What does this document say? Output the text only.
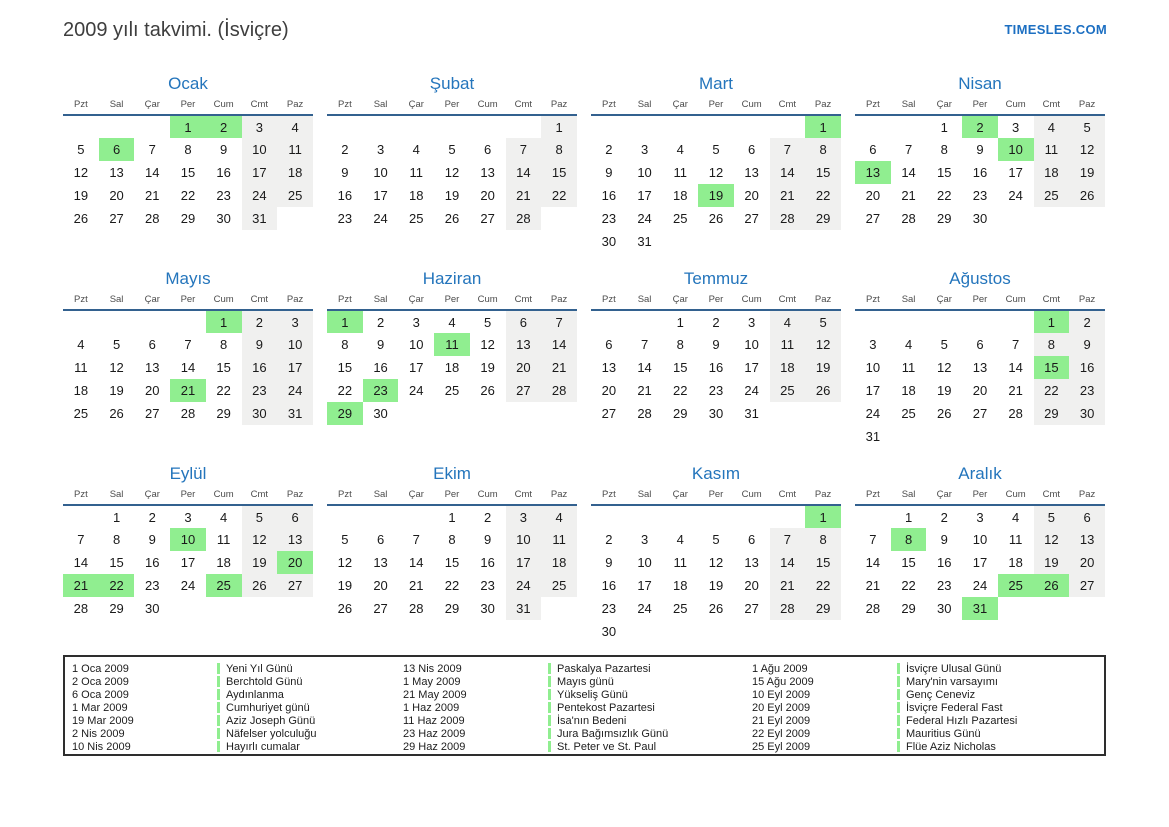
2009 yılı takvimi. (İsviçre)	TIMESLES.COM
Ocak
Pzt	Sal	Çar	Per	Cum	Cmt	Paz
			1	2	3	4
5	6	7	8	9	10	11
12	13	14	15	16	17	18
19	20	21	22	23	24	25
26	27	28	29	30	31	
Şubat
Pzt	Sal	Çar	Per	Cum	Cmt	Paz
						1
2	3	4	5	6	7	8
9	10	11	12	13	14	15
16	17	18	19	20	21	22
23	24	25	26	27	28	
Mart
Pzt	Sal	Çar	Per	Cum	Cmt	Paz
						1
2	3	4	5	6	7	8
9	10	11	12	13	14	15
16	17	18	19	20	21	22
23	24	25	26	27	28	29
30	31					
Nisan
Pzt	Sal	Çar	Per	Cum	Cmt	Paz
		1	2	3	4	5
6	7	8	9	10	11	12
13	14	15	16	17	18	19
20	21	22	23	24	25	26
27	28	29	30			
Mayıs
Pzt	Sal	Çar	Per	Cum	Cmt	Paz
				1	2	3
4	5	6	7	8	9	10
11	12	13	14	15	16	17
18	19	20	21	22	23	24
25	26	27	28	29	30	31
Haziran
Pzt	Sal	Çar	Per	Cum	Cmt	Paz
1	2	3	4	5	6	7
8	9	10	11	12	13	14
15	16	17	18	19	20	21
22	23	24	25	26	27	28
29	30					
Temmuz
Pzt	Sal	Çar	Per	Cum	Cmt	Paz
		1	2	3	4	5
6	7	8	9	10	11	12
13	14	15	16	17	18	19
20	21	22	23	24	25	26
27	28	29	30	31		
Ağustos
Pzt	Sal	Çar	Per	Cum	Cmt	Paz
					1	2
3	4	5	6	7	8	9
10	11	12	13	14	15	16
17	18	19	20	21	22	23
24	25	26	27	28	29	30
31						
Eylül
Pzt	Sal	Çar	Per	Cum	Cmt	Paz
	1	2	3	4	5	6
7	8	9	10	11	12	13
14	15	16	17	18	19	20
21	22	23	24	25	26	27
28	29	30				
Ekim
Pzt	Sal	Çar	Per	Cum	Cmt	Paz
			1	2	3	4
5	6	7	8	9	10	11
12	13	14	15	16	17	18
19	20	21	22	23	24	25
26	27	28	29	30	31	
Kasım
Pzt	Sal	Çar	Per	Cum	Cmt	Paz
						1
2	3	4	5	6	7	8
9	10	11	12	13	14	15
16	17	18	19	20	21	22
23	24	25	26	27	28	29
30						
Aralık
Pzt	Sal	Çar	Per	Cum	Cmt	Paz
	1	2	3	4	5	6
7	8	9	10	11	12	13
14	15	16	17	18	19	20
21	22	23	24	25	26	27
28	29	30	31			
1 Oca 2009	Yeni Yıl Günü
2 Oca 2009	Berchtold Günü
6 Oca 2009	Aydınlanma
1 Mar 2009	Cumhuriyet günü
19 Mar 2009	Aziz Joseph Günü
2 Nis 2009	Näfelser yolculuğu
10 Nis 2009	Hayırlı cumalar
13 Nis 2009	Paskalya Pazartesi
1 May 2009	Mayıs günü
21 May 2009	Yükseliş Günü
1 Haz 2009	Pentekost Pazartesi
11 Haz 2009	İsa'nın Bedeni
23 Haz 2009	Jura Bağımsızlık Günü
29 Haz 2009	St. Peter ve St. Paul
1 Ağu 2009	İsviçre Ulusal Günü
15 Ağu 2009	Mary'nin varsayımı
10 Eyl 2009	Genç Ceneviz
20 Eyl 2009	İsviçre Federal Fast
21 Eyl 2009	Federal Hızlı Pazartesi
22 Eyl 2009	Mauritius Günü
25 Eyl 2009	Flüe Aziz Nicholas
